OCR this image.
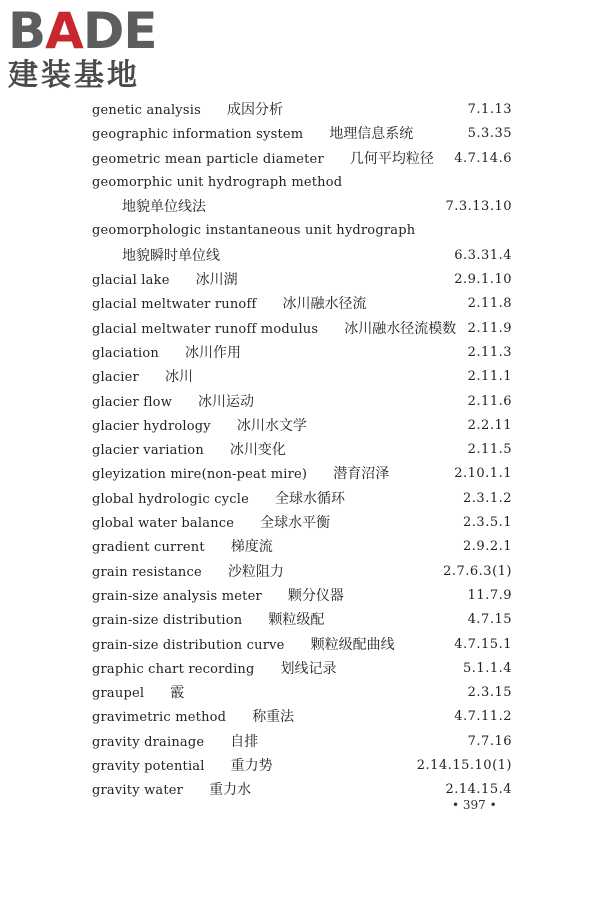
BADE
建装基地
genetic analysis 成因分析	7.1.13
geographic information system 地理信息系统	5.3.35
geometric mean particle diameter 几何平均粒径 4.7.14.6
geomorphic unit hydrograph method
地貌单位线法	7.3.13.10
geomorphologic instantaneous unit hydrograph
地貌瞬时单位线	6.3.31.4
glacial lake 冰川湖	2.9.1.10
glacial meltwater runoff 冰川融水径流	2.11.8
glacial meltwater runoff modulus 冰川融水径流模数 2.11.9
glaciation 冰川作用	2.11.3
glacier 冰川	2.11.1
glacier flow 冰川运动	2.11.6
glacier hydrology 冰川水文学	2.2.11
glacier variation 冰川变化	2.11.5
gleyization mire(non-peat mire) 潜育沼泽	2.10.1.1
global hydrologic cycle 全球水循环	2.3.1.2
global water balance 全球水平衡	2.3.5.1
gradient current 梯度流	2.9.2.1
grain resistance 沙粒阻力	2.7.6.3(1)
grain-size analysis meter 颗分仪器	11.7.9
grain-size distribution 颗粒级配	4.7.15
grain-size distribution curve 颗粒级配曲线	4.7.15.1
graphic chart recording 划线记录	5.1.1.4
graupel 霰	2.3.15
gravimetric method 称重法	4.7.11.2
gravity drainage 自排	7.7.16
gravity potential 重力势	2.14.15.10(1)
gravity water 重力水	2.14.15.4
• 397 •
